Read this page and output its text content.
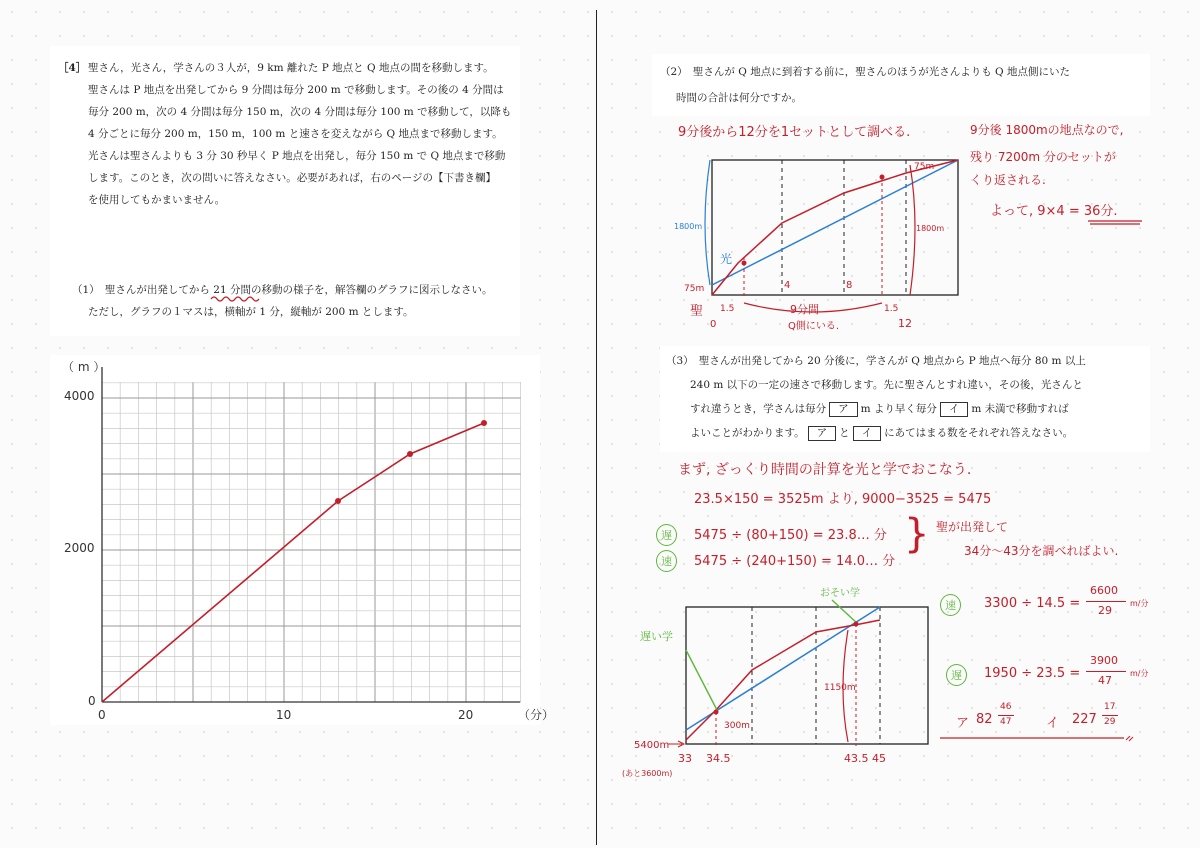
［4］ 聖さん，光さん，学さんの３人が，9 km 離れた P 地点と Q 地点の間を移動します。
聖さんは P 地点を出発してから 9 分間は毎分 200 m で移動します。その後の 4 分間は
毎分 200 m，次の 4 分間は毎分 150 m，次の 4 分間は毎分 100 m で移動して，以降も
4 分ごとに毎分 200 m，150 m，100 m と速さを変えながら Q 地点まで移動します。
光さんは聖さんよりも 3 分 30 秒早く P 地点を出発し，毎分 150 m で Q 地点まで移動
します。このとき，次の問いに答えなさい。必要があれば，右のページの【下書き欄】
を使用してもかまいません。
（1）　聖さんが出発してから 21 分間の移動の様子を，解答欄のグラフに図示しなさい。
ただし，グラフの１マスは，横軸が 1 分，縦軸が 200 m とします。
（ m ）
4000
2000
0
0	10	20	（分）
（2）　聖さんが Q 地点に到着する前に，聖さんのほうが光さんよりも Q 地点側にいた
時間の合計は何分ですか。
9分後から12分を1セットとして調べる.	9分後 1800mの地点なので,
残り 7200m 分のセットが
くり返される.
よって, 9×4 = 36分.
75m
1800m	1800m
光
75m
聖 1.5
4	8
1.5
0	12
9分間
Q側にいる.
（3）　聖さんが出発してから 20 分後に，学さんが Q 地点から P 地点へ毎分 80 m 以上
240 m 以下の一定の速さで移動します。先に聖さんとすれ違い，その後，光さんと
すれ違うとき，学さんは毎分 ア m より早く毎分 イ m 未満で移動すれば
よいことがわかります。 ア と イ にあてはまる数をそれぞれ答えなさい。
まず, ざっくり時間の計算を光と学でおこなう.
23.5×150 = 3525m より, 9000−3525 = 5475
遅	5475 ÷ (80+150) = 23.8… 分
速	5475 ÷ (240+150) = 14.0… 分
} 聖が出発して
34分〜43分を調べればよい.
速	3300 ÷ 14.5 =
6600
29
m/分
遅	1950 ÷ 23.5 =
3900
47
m/分
ア 82
46
47	イ 227
17
29
遅い学
おそい学
300m
1150m
5400m
(あと3600m)
33 34.5	43.5 45
